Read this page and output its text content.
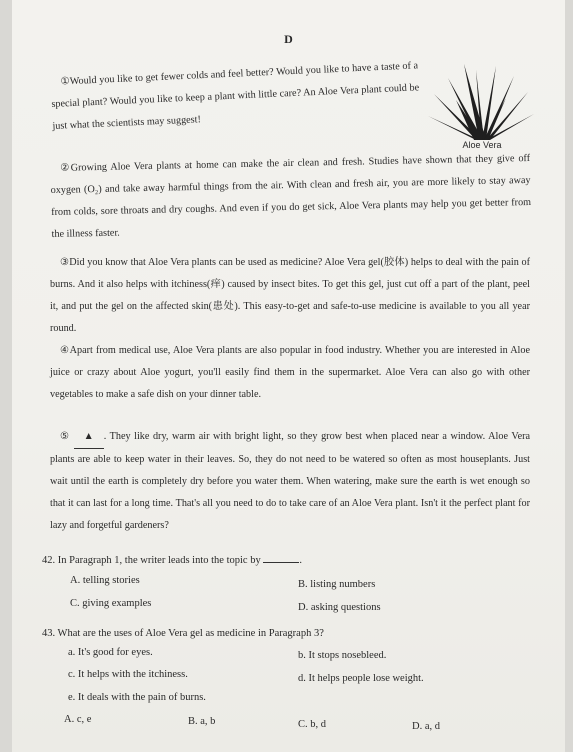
D
Aloe Vera

①Would you like to get fewer colds and feel better? Would you like to have a taste of a special plant? Would you like to keep a plant with little care? An Aloe Vera plant could be just what the scientists may suggest!

②Growing Aloe Vera plants at home can make the air clean and fresh. Studies have shown that they give off oxygen (O₂) and take away harmful things from the air. With clean and fresh air, you are more likely to stay away from colds, sore throats and dry coughs. And even if you do get sick, Aloe Vera plants may help you get better from the illness faster.

③Did you know that Aloe Vera plants can be used as medicine? Aloe Vera gel(胶体) helps to deal with the pain of burns. And it also helps with itchiness(痒) caused by insect bites. To get this gel, just cut off a part of the plant, peel it, and put the gel on the affected skin(患处). This easy-to-get and safe-to-use medicine is available to you all year round.

④Apart from medical use, Aloe Vera plants are also popular in food industry. Whether you are interested in Aloe juice or crazy about Aloe yogurt, you'll easily find them in the supermarket. Aloe Vera can also go with other vegetables to make a safe dish on your dinner table.

⑤ ▲ . They like dry, warm air with bright light, so they grow best when placed near a window. Aloe Vera plants are able to keep water in their leaves. So, they do not need to be watered so often as most houseplants. Just wait until the earth is completely dry before you water them. When watering, make sure the earth is wet enough so that it can last for a long time. That's all you need to do to take care of an Aloe Vera plant. Isn't it the perfect plant for lazy and forgetful gardeners?

42. In Paragraph 1, the writer leads into the topic by	.
A. telling stories	B. listing numbers
C. giving examples	D. asking questions
43. What are the uses of Aloe Vera gel as medicine in Paragraph 3?
a. It's good for eyes.	b. It stops nosebleed.
c. It helps with the itchiness.	d. It helps people lose weight.
e. It deals with the pain of burns.
A. c, e	B. a, b	C. b, d	D. a, d
